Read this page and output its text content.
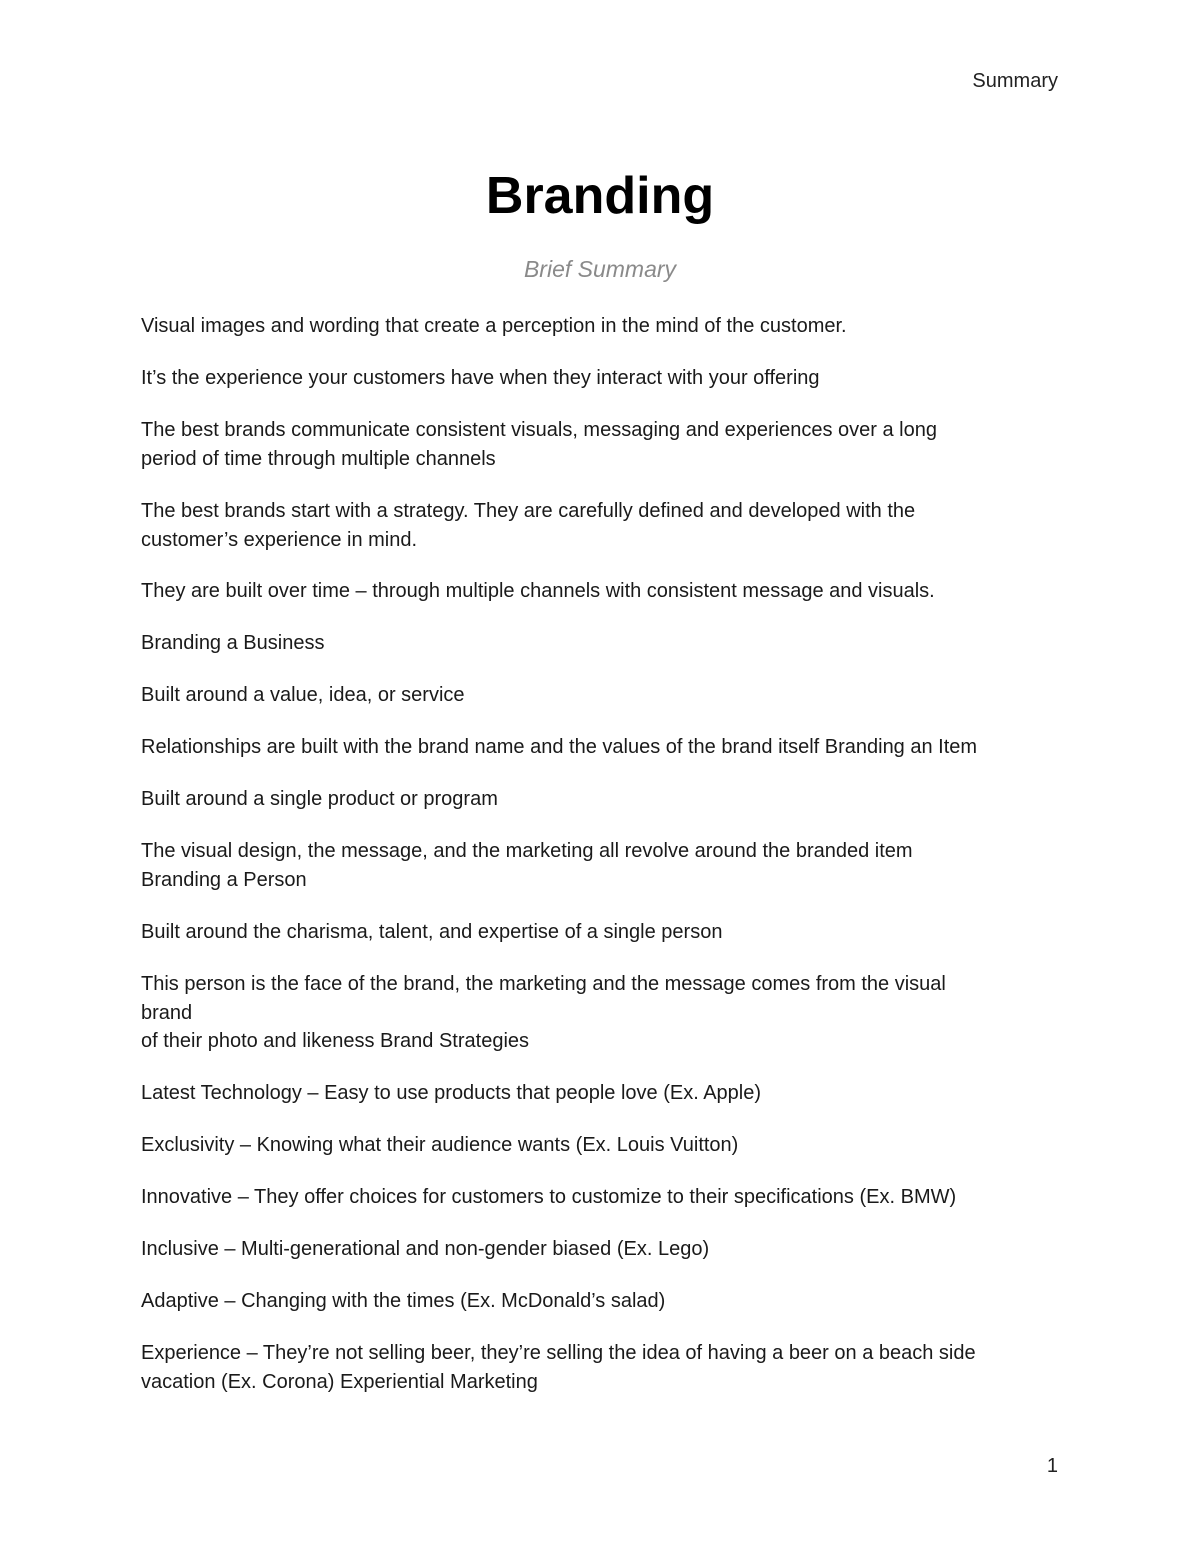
Summary
Branding
Brief Summary

Visual images and wording that create a perception in the mind of the customer.

It’s the experience your customers have when they interact with your offering

The best brands communicate consistent visuals, messaging and experiences over a long
period of time through multiple channels

The best brands start with a strategy. They are carefully defined and developed with the
customer’s experience in mind.

They are built over time – through multiple channels with consistent message and visuals.

Branding a Business

Built around a value, idea, or service

Relationships are built with the brand name and the values of the brand itself Branding an Item

Built around a single product or program

The visual design, the message, and the marketing all revolve around the branded item
Branding a Person

Built around the charisma, talent, and expertise of a single person

This person is the face of the brand, the marketing and the message comes from the visual
brand
of their photo and likeness Brand Strategies

Latest Technology – Easy to use products that people love (Ex. Apple)

Exclusivity – Knowing what their audience wants (Ex. Louis Vuitton)

Innovative – They offer choices for customers to customize to their specifications (Ex. BMW)

Inclusive – Multi-generational and non-gender biased (Ex. Lego)

Adaptive – Changing with the times (Ex. McDonald’s salad)

Experience – They’re not selling beer, they’re selling the idea of having a beer on a beach side
vacation (Ex. Corona) Experiential Marketing

1
